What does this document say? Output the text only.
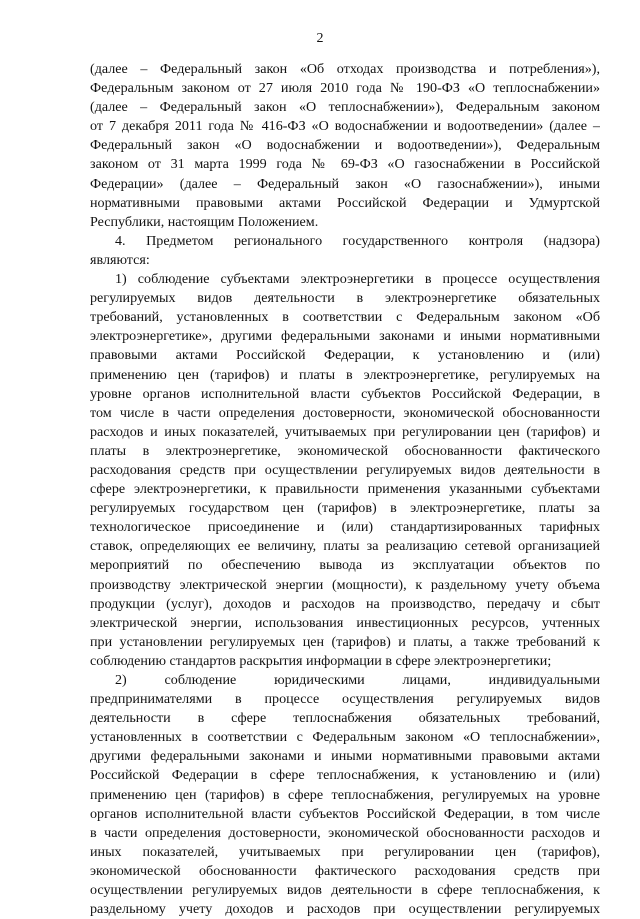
2
(далее – Федеральный закон «Об отходах производства и потребления»),
Федеральным законом от 27 июля 2010 года № 190-ФЗ «О теплоснабжении»
(далее – Федеральный закон «О теплоснабжении»), Федеральным законом
от 7 декабря 2011 года № 416-ФЗ «О водоснабжении и водоотведении» (далее –
Федеральный закон «О водоснабжении и водоотведении»), Федеральным
законом от 31 марта 1999 года № 69-ФЗ «О газоснабжении в Российской
Федерации» (далее – Федеральный закон «О газоснабжении»), иными
нормативными правовыми актами Российской Федерации и Удмуртской
Республики, настоящим Положением.
4. Предметом регионального государственного контроля (надзора)
являются:
1) соблюдение субъектами электроэнергетики в процессе осуществления
регулируемых видов деятельности в электроэнергетике обязательных
требований, установленных в соответствии с Федеральным законом «Об
электроэнергетике», другими федеральными законами и иными нормативными
правовыми актами Российской Федерации, к установлению и (или)
применению цен (тарифов) и платы в электроэнергетике, регулируемых на
уровне органов исполнительной власти субъектов Российской Федерации, в
том числе в части определения достоверности, экономической обоснованности
расходов и иных показателей, учитываемых при регулировании цен (тарифов) и
платы в электроэнергетике, экономической обоснованности фактического
расходования средств при осуществлении регулируемых видов деятельности в
сфере электроэнергетики, к правильности применения указанными субъектами
регулируемых государством цен (тарифов) в электроэнергетике, платы за
технологическое присоединение и (или) стандартизированных тарифных
ставок, определяющих ее величину, платы за реализацию сетевой организацией
мероприятий по обеспечению вывода из эксплуатации объектов по
производству электрической энергии (мощности), к раздельному учету объема
продукции (услуг), доходов и расходов на производство, передачу и сбыт
электрической энергии, использования инвестиционных ресурсов, учтенных
при установлении регулируемых цен (тарифов) и платы, а также требований к
соблюдению стандартов раскрытия информации в сфере электроэнергетики;
2) соблюдение юридическими лицами, индивидуальными
предпринимателями в процессе осуществления регулируемых видов
деятельности в сфере теплоснабжения обязательных требований,
установленных в соответствии с Федеральным законом «О теплоснабжении»,
другими федеральными законами и иными нормативными правовыми актами
Российской Федерации в сфере теплоснабжения, к установлению и (или)
применению цен (тарифов) в сфере теплоснабжения, регулируемых на уровне
органов исполнительной власти субъектов Российской Федерации, в том числе
в части определения достоверности, экономической обоснованности расходов и
иных показателей, учитываемых при регулировании цен (тарифов),
экономической обоснованности фактического расходования средств при
осуществлении регулируемых видов деятельности в сфере теплоснабжения, к
раздельному учету доходов и расходов при осуществлении регулируемых
